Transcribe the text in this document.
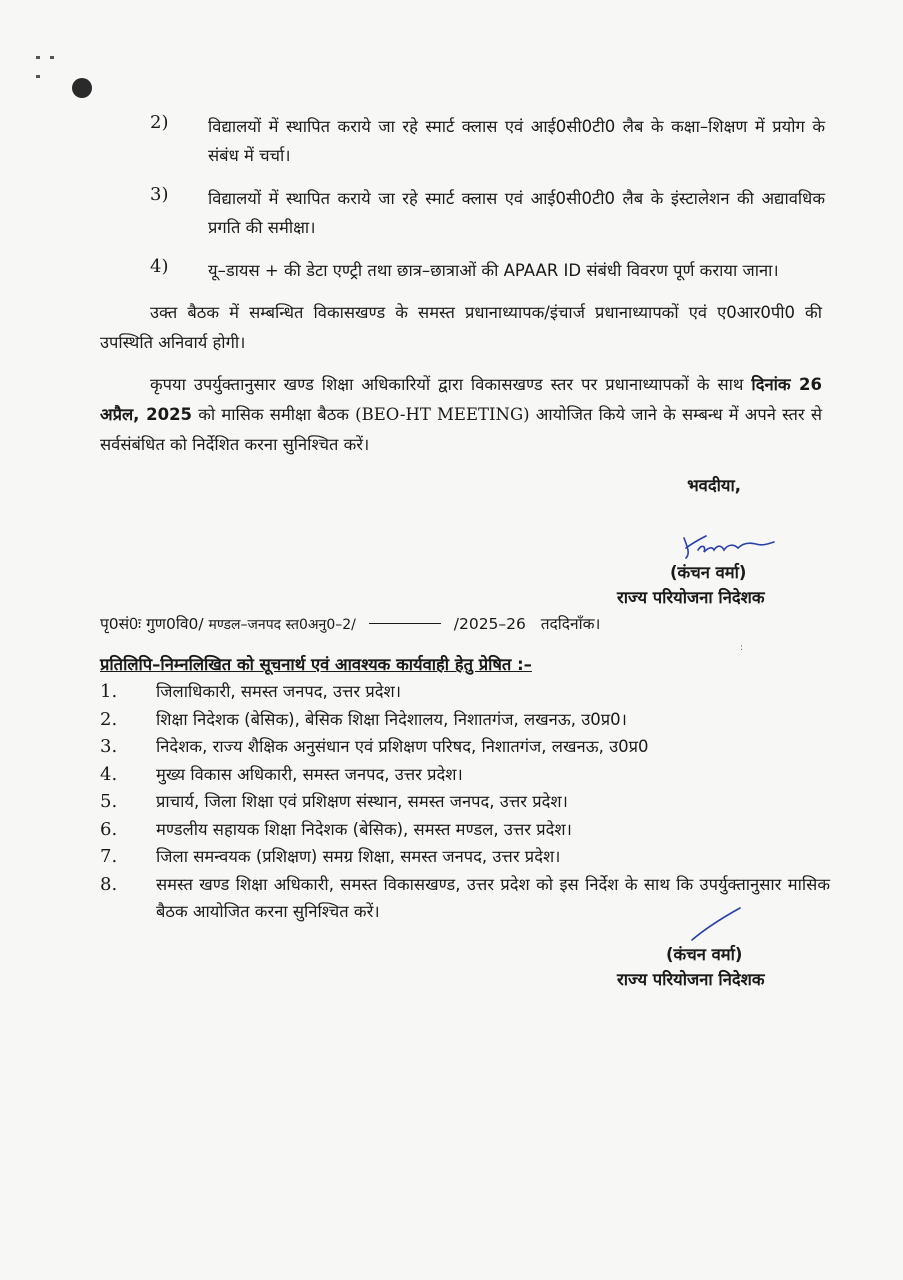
2) विद्यालयों में स्थापित कराये जा रहे स्मार्ट क्लास एवं आई0सी0टी0 लैब के कक्षा–शिक्षण में प्रयोग के संबंध में चर्चा।
3) विद्यालयों में स्थापित कराये जा रहे स्मार्ट क्लास एवं आई0सी0टी0 लैब के इंस्टालेशन की अद्यावधिक प्रगति की समीक्षा।
4) यू–डायस + की डेटा एण्ट्री तथा छात्र–छात्राओं की APAAR ID संबंधी विवरण पूर्ण कराया जाना।
उक्त बैठक में सम्बन्धित विकासखण्ड के समस्त प्रधानाध्यापक/इंचार्ज प्रधानाध्यापकों एवं ए0आर0पी0 की उपस्थिति अनिवार्य होगी।
कृपया उपर्युक्तानुसार खण्ड शिक्षा अधिकारियों द्वारा विकासखण्ड स्तर पर प्रधानाध्यापकों के साथ दिनांक 26 अप्रैल, 2025 को मासिक समीक्षा बैठक (BEO-HT MEETING) आयोजित किये जाने के सम्बन्ध में अपने स्तर से सर्वसंबंधित को निर्देशित करना सुनिश्चित करें।
भवदीया,
(कंचन वर्मा)
राज्य परियोजना निदेशक
पृ0सं0ः गुण0वि0/ मण्डल–जनपद स्त0अनु0–2/	/2025–26 तददिनाँक।
:
प्रतिलिपि–निम्नलिखित को सूचनार्थ एवं आवश्यक कार्यवाही हेतु प्रेषित :–
1. जिलाधिकारी, समस्त जनपद, उत्तर प्रदेश।
2. शिक्षा निदेशक (बेसिक), बेसिक शिक्षा निदेशालय, निशातगंज, लखनऊ, उ0प्र0।
3. निदेशक, राज्य शैक्षिक अनुसंधान एवं प्रशिक्षण परिषद, निशातगंज, लखनऊ, उ0प्र0
4. मुख्य विकास अधिकारी, समस्त जनपद, उत्तर प्रदेश।
5. प्राचार्य, जिला शिक्षा एवं प्रशिक्षण संस्थान, समस्त जनपद, उत्तर प्रदेश।
6. मण्डलीय सहायक शिक्षा निदेशक (बेसिक), समस्त मण्डल, उत्तर प्रदेश।
7. जिला समन्वयक (प्रशिक्षण) समग्र शिक्षा, समस्त जनपद, उत्तर प्रदेश।
8. समस्त खण्ड शिक्षा अधिकारी, समस्त विकासखण्ड, उत्तर प्रदेश को इस निर्देश के साथ कि उपर्युक्तानुसार मासिक बैठक आयोजित करना सुनिश्चित करें।
(कंचन वर्मा)
राज्य परियोजना निदेशक
